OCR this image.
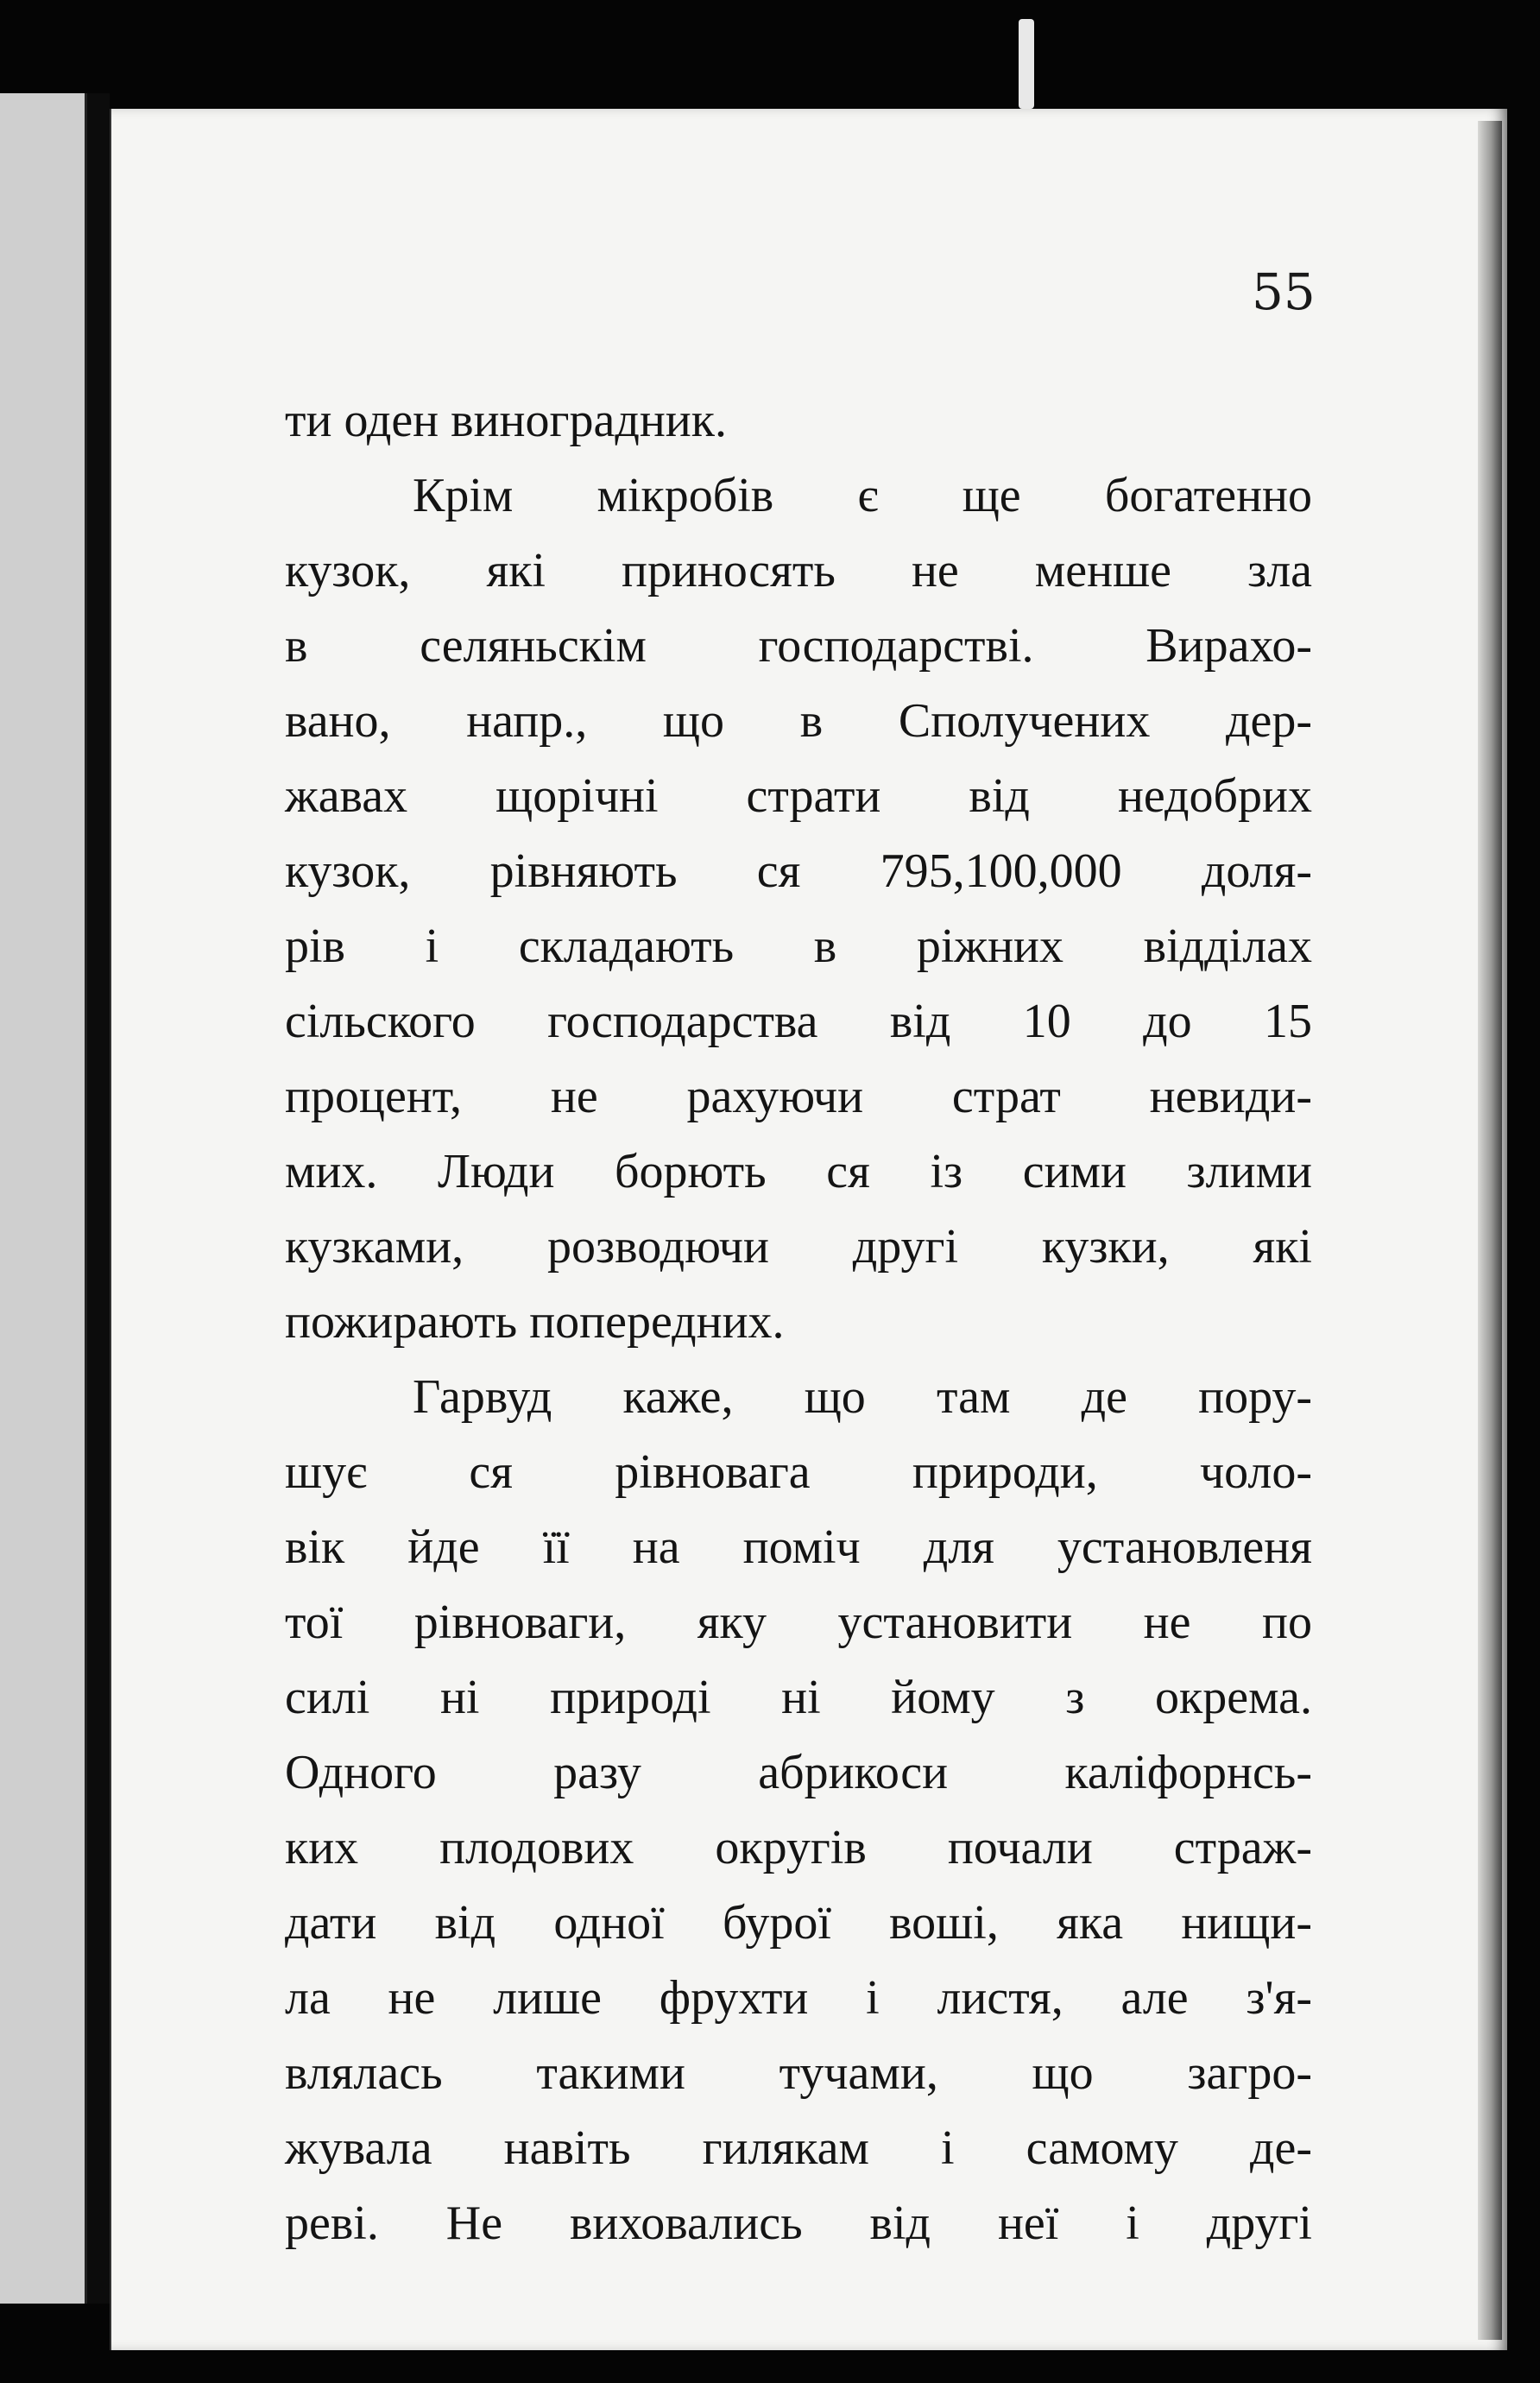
55
ти оден виноградник.
Крім мікробів є ще богатенно
кузок, які приносять не менше зла
в селяньскім господарстві. Вирахо-
вано, напр., що в Сполучених дер-
жавах щорічні страти від недобрих
кузок, рівняють ся 795,100,000 доля-
рів і складають в ріжних відділах
сільского господарства від 10 до 15
процент, не рахуючи страт невиди-
мих. Люди борють ся із сими злими
кузками, розводючи другі кузки, які
пожирають попередних.
Гарвуд каже, що там де пору-
шує ся рівновага природи, чоло-
вік йде її на поміч для установленя
тої рівноваги, яку установити не по
силі ні природі ні йому з окрема.
Одного разу абрикоси каліфорнсь-
ких плодових округів почали страж-
дати від одної бурої вошi, яка нищи-
ла не лише фрухти і листя, але з'я-
влялась такими тучами, що загро-
жувала навіть гилякам і самому де-
реві. Не виховались від неї і другі
